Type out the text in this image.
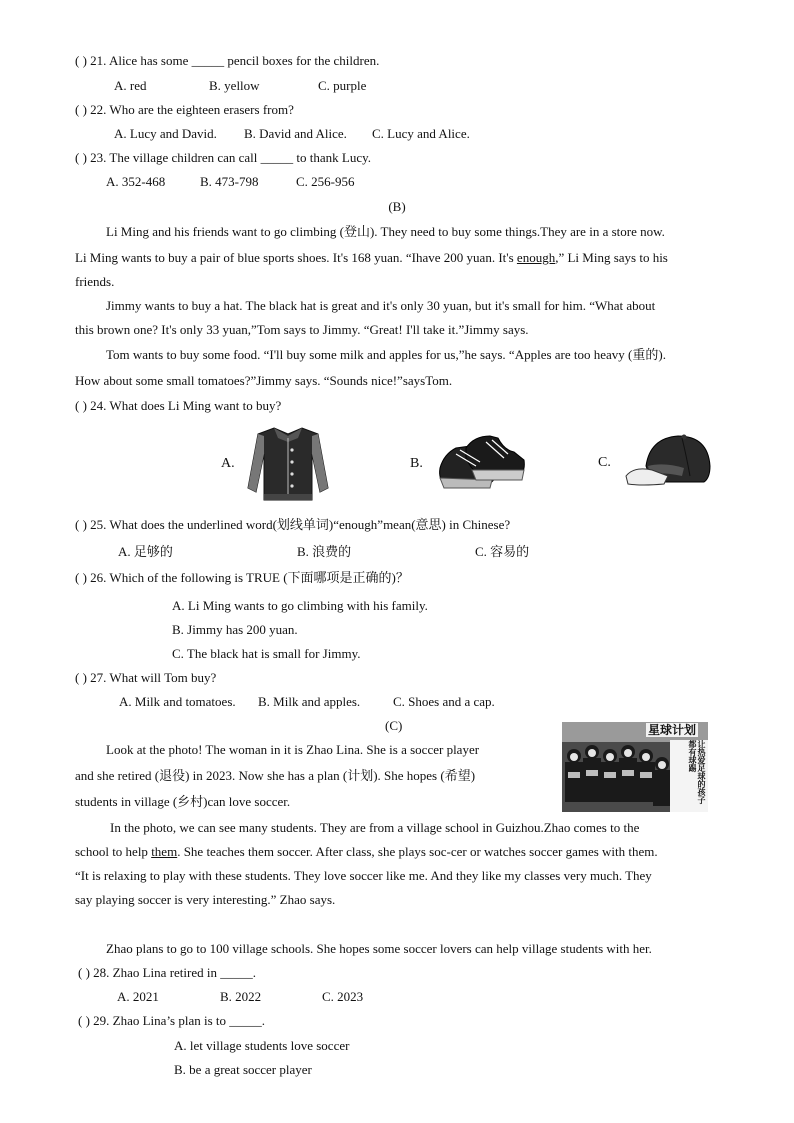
( ) 21. Alice has some _____ pencil boxes for the children.
A. red	B. yellow	C. purple
( ) 22. Who are the eighteen erasers from?
A. Lucy and David. B. David and Alice. C. Lucy and Alice.
( ) 23. The village children can call _____ to thank Lucy.
A. 352-468	B. 473-798	C. 256-956
(B)
Li Ming and his friends want to go climbing (登山). They need to buy some things.They are in a store now.
Li Ming wants to buy a pair of blue sports shoes. It's 168 yuan. “Ihave 200 yuan. It's enough,” Li Ming says to his
friends.
Jimmy wants to buy a hat. The black hat is great and it's only 30 yuan, but it's small for him. “What about
this brown one? It's only 33 yuan,”Tom says to Jimmy. “Great! I'll take it.”Jimmy says.
Tom wants to buy some food. “I'll buy some milk and apples for us,”he says. “Apples are too heavy (重的).
How about some small tomatoes?”Jimmy says. “Sounds nice!”saysTom.
( ) 24. What does Li Ming want to buy?
A.	B.	C.
( ) 25. What does the underlined word(划线单词)“enough”mean(意思) in Chinese?
A. 足够的	B. 浪费的	C. 容易的
( ) 26. Which of the following is TRUE (下面哪项是正确的)？
A. Li Ming wants to go climbing with his family.
B. Jimmy has 200 yuan.
C. The black hat is small for Jimmy.
( ) 27. What will Tom buy?
A. Milk and tomatoes. B. Milk and apples.	C. Shoes and a cap.
(C)
Look at the photo! The woman in it is Zhao Lina. She is a soccer player
and she retired (退役) in 2023. Now she has a plan (计划). She hopes (希望)
students in village (乡村)can love soccer.
星球计划
让热爱足球的孩子都有球踢
In the photo, we can see many students. They are from a village school in Guizhou.Zhao comes to the
school to help them. She teaches them soccer. After class, she plays soc-cer or watches soccer games with them.
“It is relaxing to play with these students. They love soccer like me. And they like my classes very much. They
say playing soccer is very interesting.” Zhao says.
Zhao plans to go to 100 village schools. She hopes some soccer lovers can help village students with her.
( ) 28. Zhao Lina retired in _____.
A. 2021	B. 2022	C. 2023
( ) 29. Zhao Lina’s plan is to _____.
A. let village students love soccer
B. be a great soccer player
